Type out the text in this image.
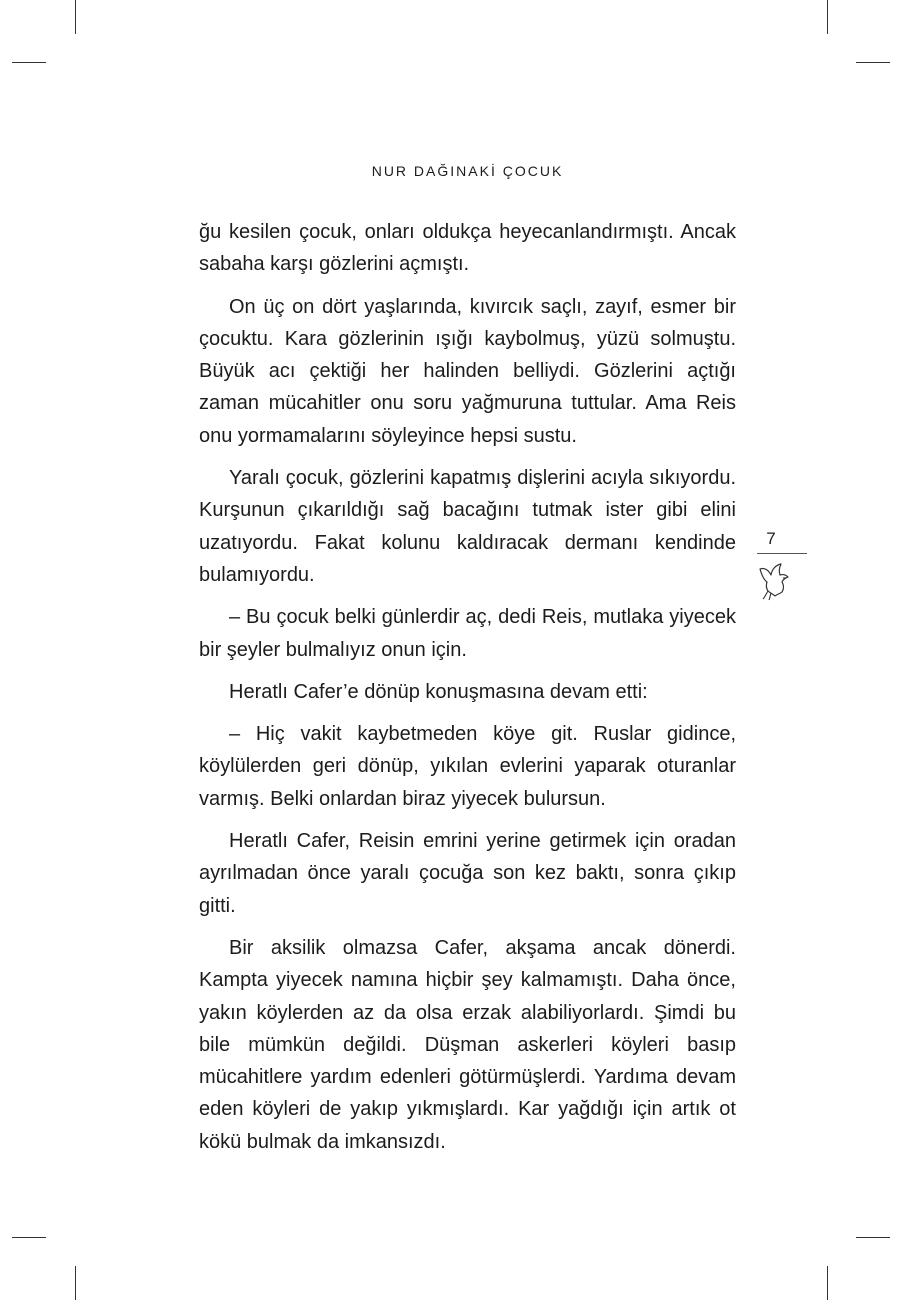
NUR DAĞINAKİ ÇOCUK

ğu kesilen çocuk, onları oldukça heyecanlandırmıştı. Ancak sabaha karşı gözlerini açmıştı.

On üç on dört yaşlarında, kıvırcık saçlı, zayıf, esmer bir çocuktu. Kara gözlerinin ışığı kaybolmuş, yüzü solmuştu. Büyük acı çektiği her halinden belliydi. Gözlerini açtığı zaman mücahitler onu soru yağmuruna tuttular. Ama Reis onu yormamalarını söyleyince hepsi sustu.

Yaralı çocuk, gözlerini kapatmış dişlerini acıyla sıkıyordu. Kurşunun çıkarıldığı sağ bacağını tutmak ister gibi elini uzatıyordu. Fakat kolunu kaldıracak dermanı kendinde bulamıyordu.

– Bu çocuk belki günlerdir aç, dedi Reis, mutlaka yiyecek bir şeyler bulmalıyız onun için.

Heratlı Cafer’e dönüp konuşmasına devam etti:

– Hiç vakit kaybetmeden köye git. Ruslar gidince, köylülerden geri dönüp, yıkılan evlerini yaparak oturanlar varmış. Belki onlardan biraz yiyecek bulursun.

Heratlı Cafer, Reisin emrini yerine getirmek için oradan ayrılmadan önce yaralı çocuğa son kez baktı, sonra çıkıp gitti.

Bir aksilik olmazsa Cafer, akşama ancak dönerdi. Kampta yiyecek namına hiçbir şey kalmamıştı. Daha önce, yakın köylerden az da olsa erzak alabiliyorlardı. Şimdi bu bile mümkün değildi. Düşman askerleri köyleri basıp mücahitlere yardım edenleri götürmüşlerdi. Yardıma devam eden köyleri de yakıp yıkmışlardı. Kar yağdığı için artık ot kökü bulmak da imkansızdı.

7
